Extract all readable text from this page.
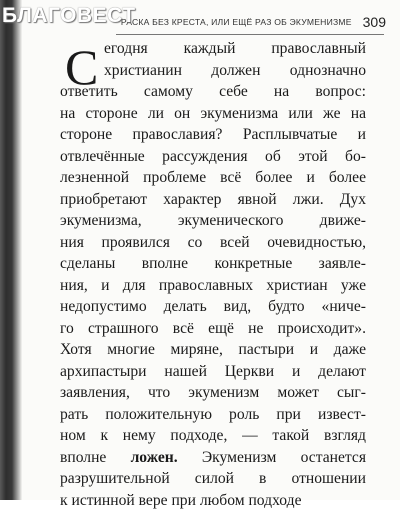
БЛАГОВЕСТ
РАСКА БЕЗ КРЕСТА, ИЛИ ЕЩЁ РАЗ ОБ ЭКУМЕНИЗМЕ 309
С егодня каждый православный
христианин должен однозначно
ответить самому себе на вопрос:
на стороне ли он экуменизма или же на
стороне православия? Расплывчатые и
отвлечённые рассуждения об этой бо-
лезненной проблеме всё более и более
приобретают характер явной лжи. Дух
экуменизма, экуменического движе-
ния проявился со всей очевидностью,
сделаны вполне конкретные заявле-
ния, и для православных христиан уже
недопустимо делать вид, будто «ниче-
го страшного всё ещё не происходит».
Хотя многие миряне, пастыри и даже
архипастыри нашей Церкви и делают
заявления, что экуменизм может сыг-
рать положительную роль при извест-
ном к нему подходе, — такой взгляд
вполне ложен. Экуменизм останется
разрушительной силой в отношении
к истинной вере при любом подходе
